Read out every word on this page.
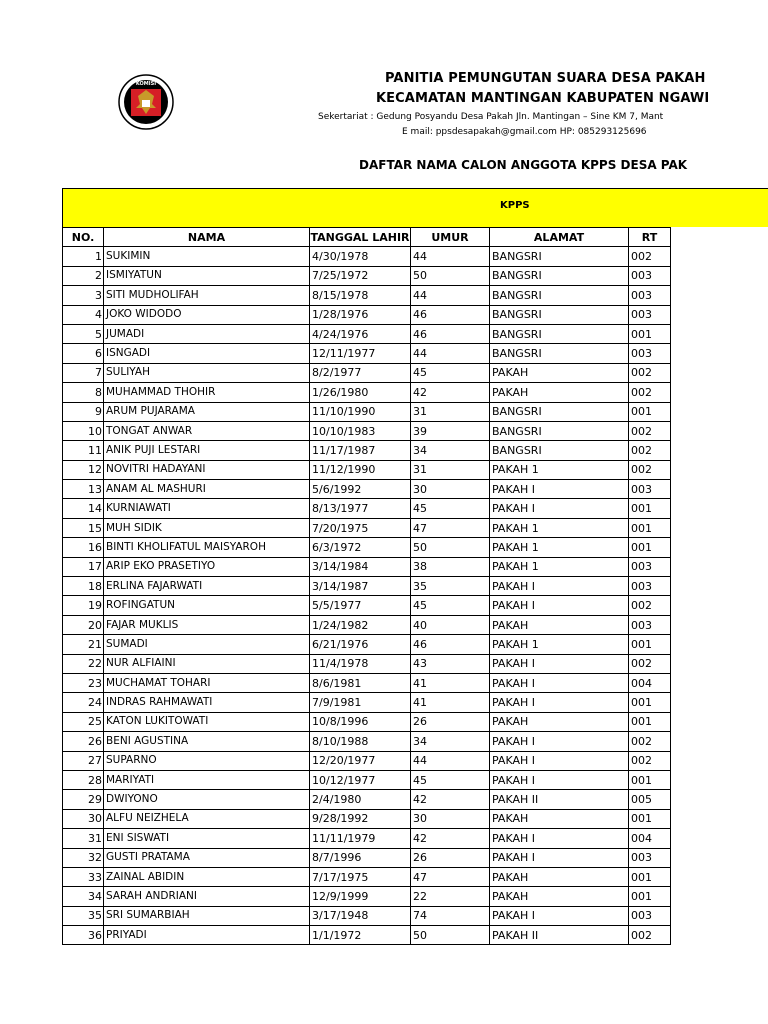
KOMISI	PANITIA PEMUNGUTAN SUARA DESA PAKAH
KECAMATAN MANTINGAN KABUPATEN NGAWI
Sekertariat : Gedung Posyandu Desa Pakah Jln. Mantingan – Sine KM 7, Mant
E mail: ppsdesapakah@gmail.com HP: 085293125696
DAFTAR NAMA CALON ANGGOTA KPPS DESA PAK
KPPS
NO.	NAMA	TANGGAL LAHIR	UMUR	ALAMAT	RT
1	SUKIMIN	4/30/1978	44	BANGSRI	002
2	ISMIYATUN	7/25/1972	50	BANGSRI	003
3	SITI MUDHOLIFAH	8/15/1978	44	BANGSRI	003
4	JOKO WIDODO	1/28/1976	46	BANGSRI	003
5	JUMADI	4/24/1976	46	BANGSRI	001
6	ISNGADI	12/11/1977	44	BANGSRI	003
7	SULIYAH	8/2/1977	45	PAKAH	002
8	MUHAMMAD THOHIR	1/26/1980	42	PAKAH	002
9	ARUM PUJARAMA	11/10/1990	31	BANGSRI	001
10	TONGAT ANWAR	10/10/1983	39	BANGSRI	002
11	ANIK PUJI LESTARI	11/17/1987	34	BANGSRI	002
12	NOVITRI HADAYANI	11/12/1990	31	PAKAH 1	002
13	ANAM AL MASHURI	5/6/1992	30	PAKAH I	003
14	KURNIAWATI	8/13/1977	45	PAKAH I	001
15	MUH SIDIK	7/20/1975	47	PAKAH 1	001
16	BINTI KHOLIFATUL MAISYAROH	6/3/1972	50	PAKAH 1	001
17	ARIP EKO PRASETIYO	3/14/1984	38	PAKAH 1	003
18	ERLINA FAJARWATI	3/14/1987	35	PAKAH I	003
19	ROFINGATUN	5/5/1977	45	PAKAH I	002
20	FAJAR MUKLIS	1/24/1982	40	PAKAH	003
21	SUMADI	6/21/1976	46	PAKAH 1	001
22	NUR ALFIAINI	11/4/1978	43	PAKAH I	002
23	MUCHAMAT TOHARI	8/6/1981	41	PAKAH I	004
24	INDRAS RAHMAWATI	7/9/1981	41	PAKAH I	001
25	KATON LUKITOWATI	10/8/1996	26	PAKAH	001
26	BENI AGUSTINA	8/10/1988	34	PAKAH I	002
27	SUPARNO	12/20/1977	44	PAKAH I	002
28	MARIYATI	10/12/1977	45	PAKAH I	001
29	DWIYONO	2/4/1980	42	PAKAH II	005
30	ALFU NEIZHELA	9/28/1992	30	PAKAH	001
31	ENI SISWATI	11/11/1979	42	PAKAH I	004
32	GUSTI PRATAMA	8/7/1996	26	PAKAH I	003
33	ZAINAL ABIDIN	7/17/1975	47	PAKAH	001
34	SARAH ANDRIANI	12/9/1999	22	PAKAH	001
35	SRI SUMARBIAH	3/17/1948	74	PAKAH I	003
36	PRIYADI	1/1/1972	50	PAKAH II	002
